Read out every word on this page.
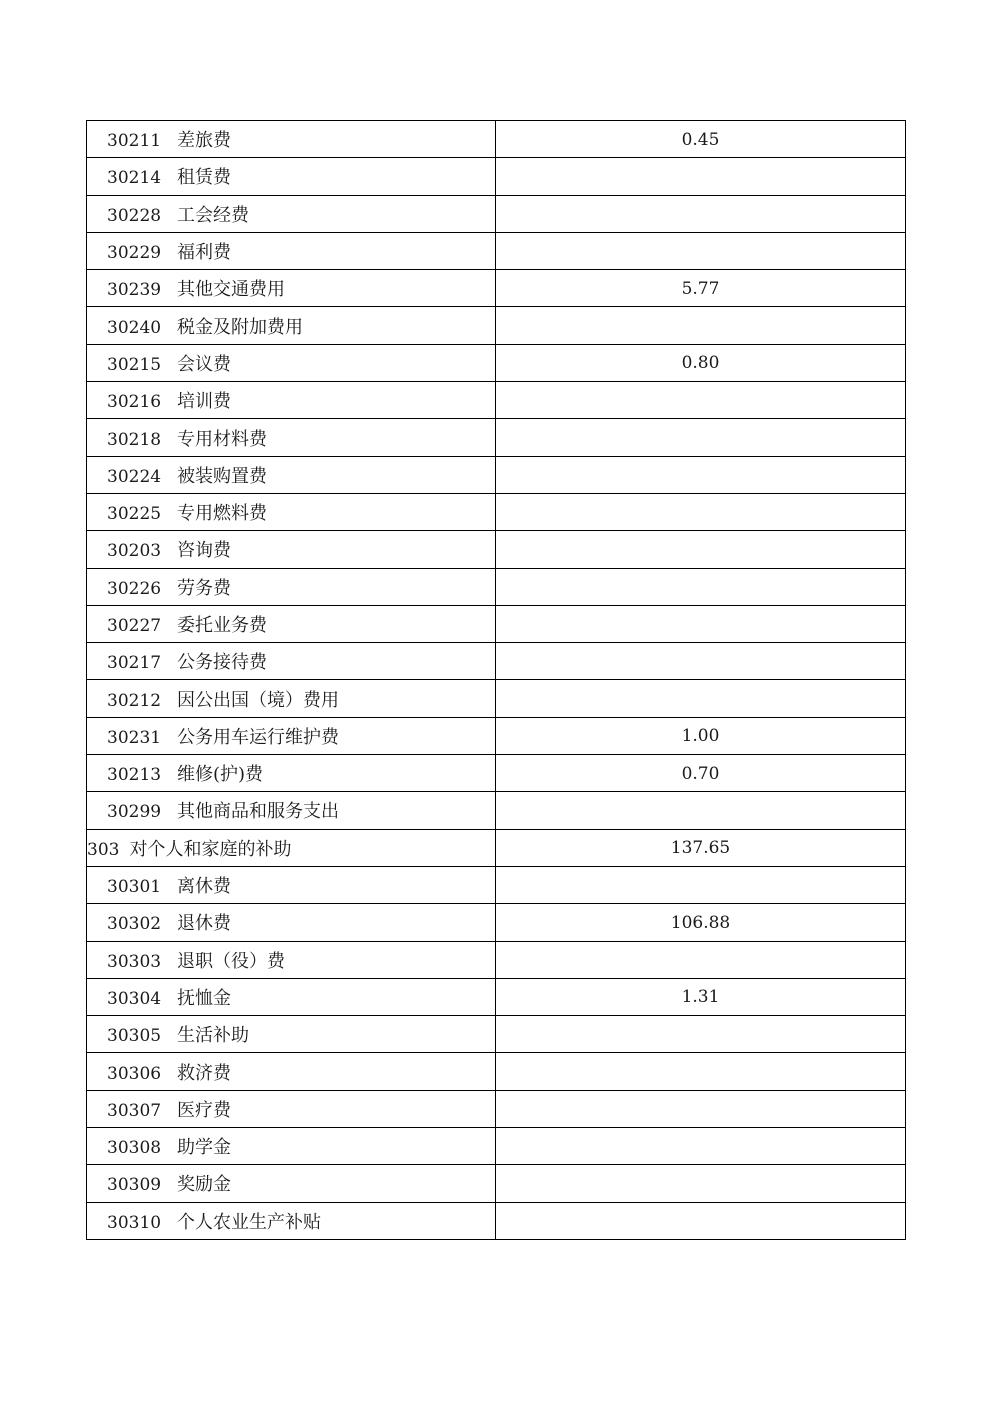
30211 差旅费	0.45
30214 租赁费	
30228 工会经费	
30229 福利费	
30239 其他交通费用	5.77
30240 税金及附加费用	
30215 会议费	0.80
30216 培训费	
30218 专用材料费	
30224 被装购置费	
30225 专用燃料费	
30203 咨询费	
30226 劳务费	
30227 委托业务费	
30217 公务接待费	
30212 因公出国（境）费用	
30231 公务用车运行维护费	1.00
30213 维修(护)费	0.70
30299 其他商品和服务支出	
303 对个人和家庭的补助	137.65
30301 离休费	
30302 退休费	106.88
30303 退职（役）费	
30304 抚恤金	1.31
30305 生活补助	
30306 救济费	
30307 医疗费	
30308 助学金	
30309 奖励金	
30310 个人农业生产补贴	
